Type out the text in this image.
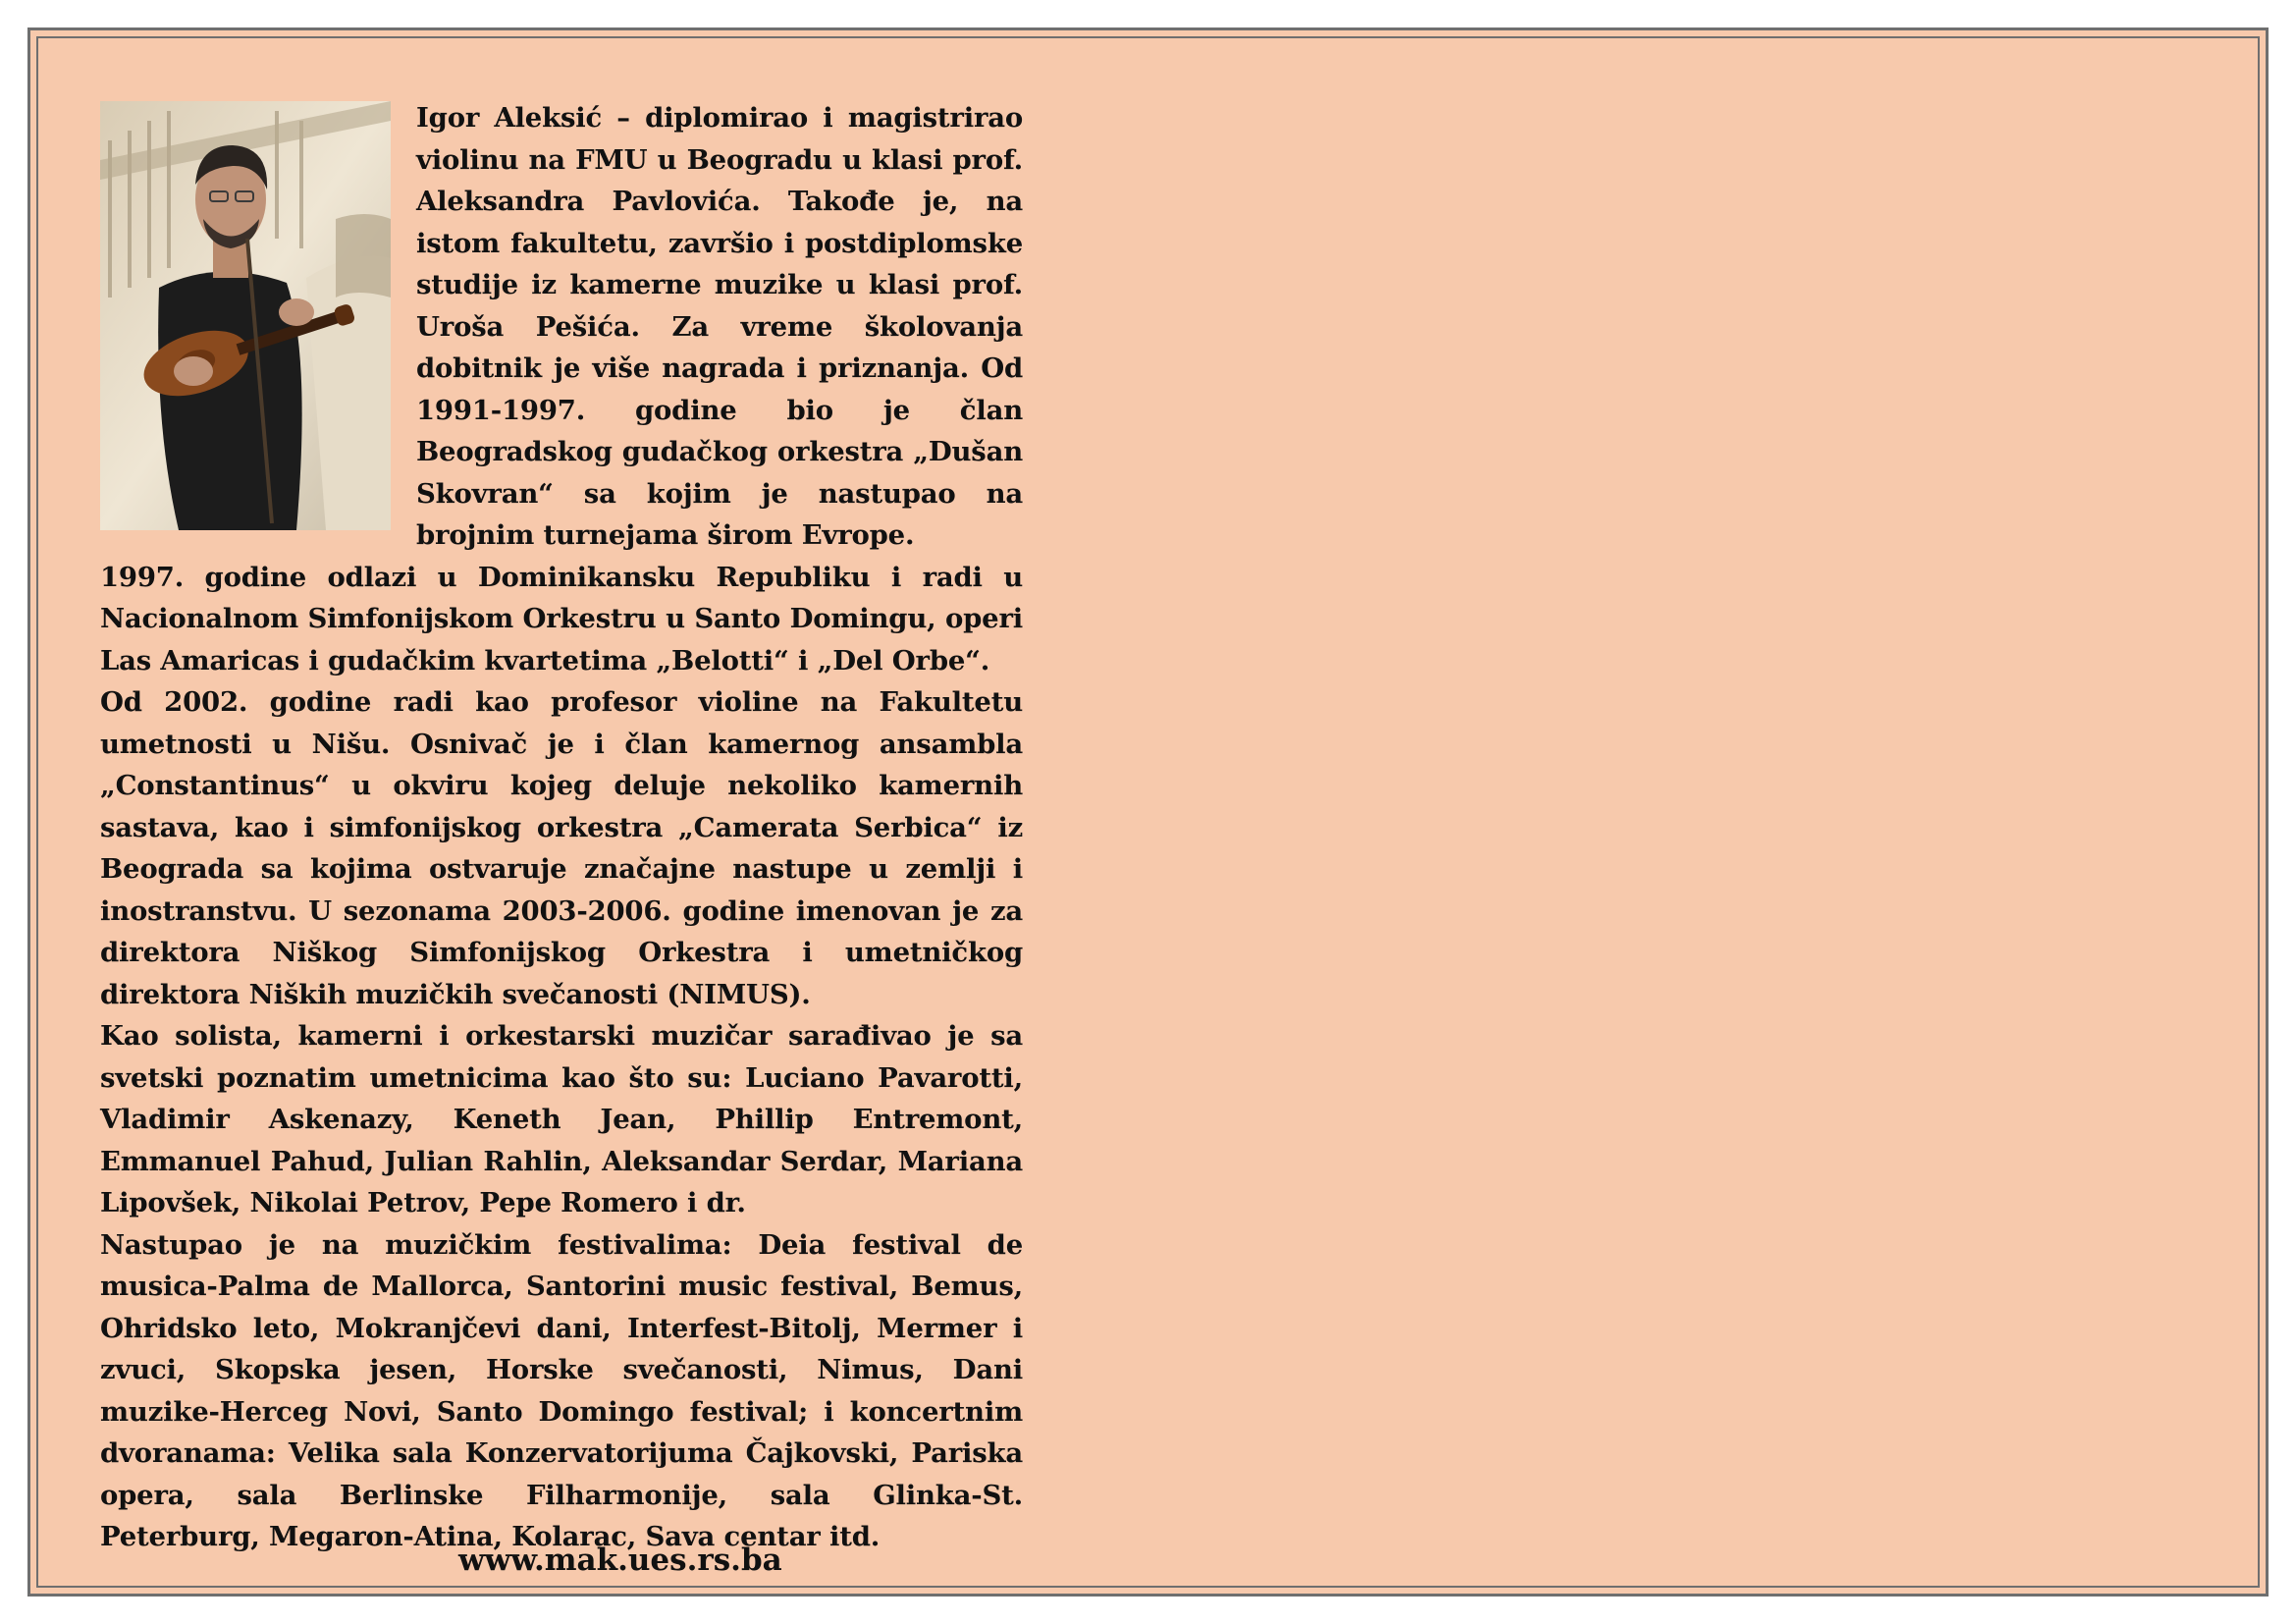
Igor Aleksić – diplomirao i magistrirao violinu na FMU u Beogradu u klasi prof. Aleksandra Pavlovića. Takođe je, na istom fakultetu, završio i postdiplomske studije iz kamerne muzike u klasi prof. Uroša Pešića. Za vreme školovanja dobitnik je više nagrada i priznanja. Od 1991-1997. godine bio je član Beogradskog gudačkog orkestra „Dušan Skovran“ sa kojim je nastupao na brojnim turnejama širom Evrope.

1997. godine odlazi u Dominikansku Republiku i radi u Nacionalnom Simfonijskom Orkestru u Santo Domingu, operi Las Amaricas i gudačkim kvartetima „Belotti“ i „Del Orbe“.

Od 2002. godine radi kao profesor violine na Fakultetu umetnosti u Nišu. Osnivač je i član kamernog ansambla „Constantinus“ u okviru kojeg deluje nekoliko kamernih sastava, kao i simfonijskog orkestra „Camerata Serbica“ iz Beograda sa kojima ostvaruje značajne nastupe u zemlji i inostranstvu. U sezonama 2003-2006. godine imenovan je za direktora Niškog Simfonijskog Orkestra i umetničkog direktora Niških muzičkih svečanosti (NIMUS).

Kao solista, kamerni i orkestarski muzičar sarađivao je sa svetski poznatim umetnicima kao što su: Luciano Pavarotti, Vladimir Askenazy, Keneth Jean, Phillip Entremont, Emmanuel Pahud, Julian Rahlin, Aleksandar Serdar, Mariana Lipovšek, Nikolai Petrov, Pepe Romero i dr.

Nastupao je na muzičkim festivalima: Deia festival de musica-Palma de Mallorca, Santorini music festival, Bemus, Ohridsko leto, Mokranjčevi dani, Interfest-Bitolj, Mermer i zvuci, Skopska jesen, Horske svečanosti, Nimus, Dani muzike-Herceg Novi, Santo Domingo festival; i koncertnim dvoranama: Velika sala Konzervatorijuma Čajkovski, Pariska opera, sala Berlinske Filharmonije, sala Glinka-St. Peterburg, Megaron-Atina, Kolarac, Sava centar itd.

www.mak.ues.rs.ba
